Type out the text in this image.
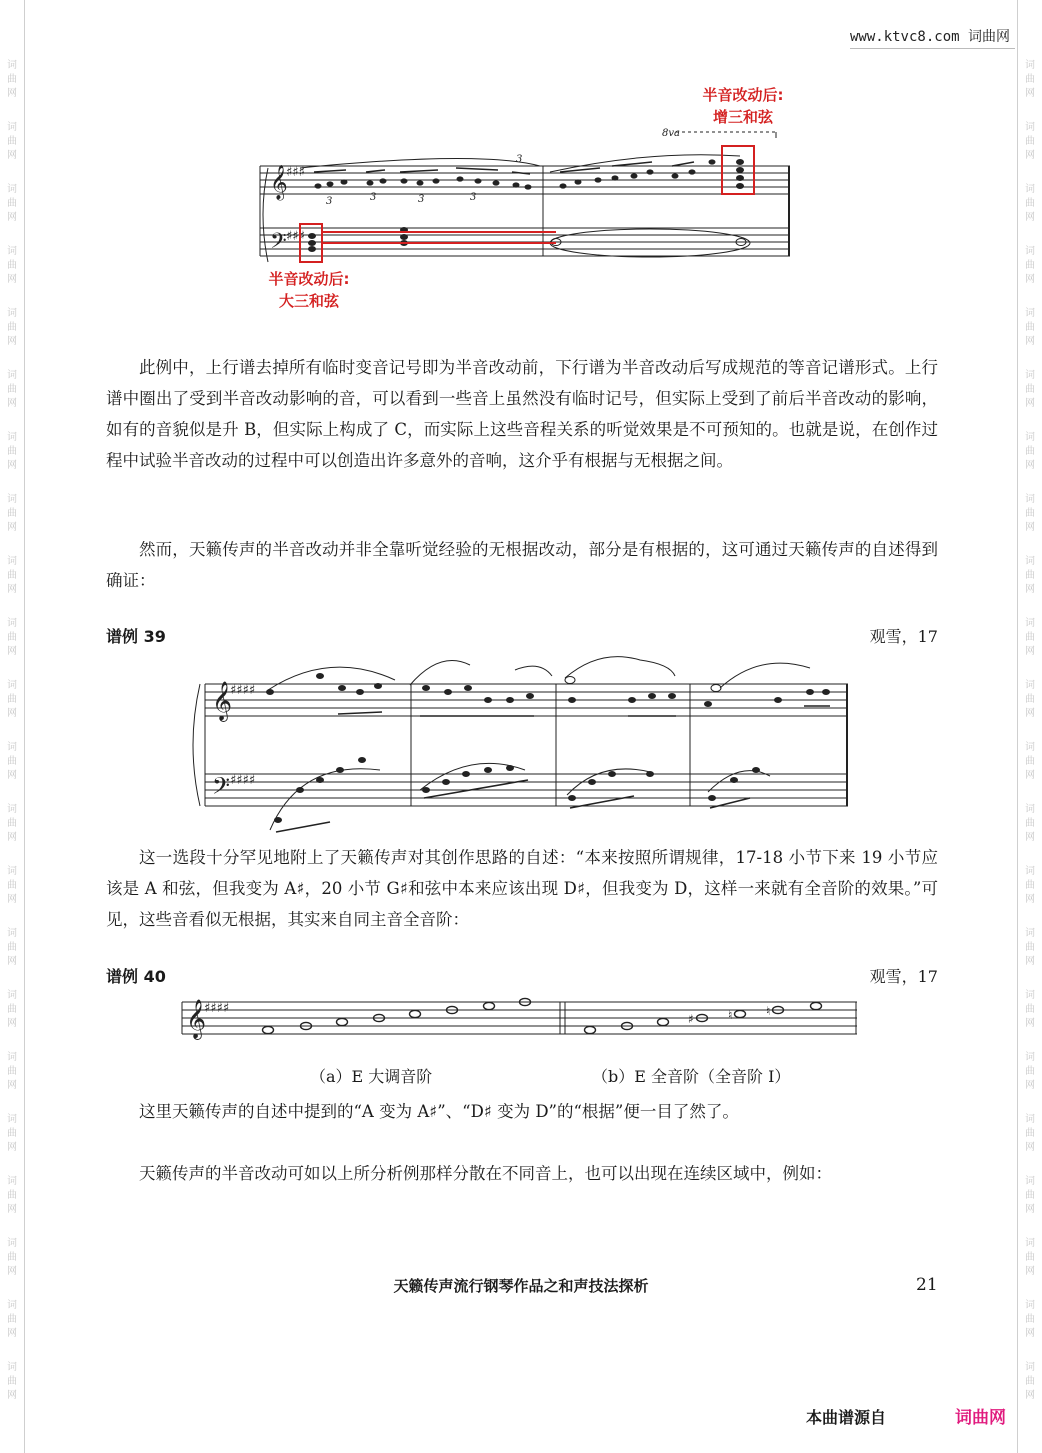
词
曲
网
词
曲
网
词
曲
网
词
曲
网
词
曲
网
词
曲
网
词
曲
网
词
曲
网
词
曲
网
词
曲
网
词
曲
网
词
曲
网
词
曲
网
词
曲
网
词
曲
网
词
曲
网
词
曲
网
词
曲
网
词
曲
网
词
曲
网
词
曲
网
词
曲
网
词
曲
网
词
曲
网
词
曲
网
词
曲
网
词
曲
网
词
曲
网
词
曲
网
词
曲
网
词
曲
网
词
曲
网
词
曲
网
词
曲
网
词
曲
网
词
曲
网
词
曲
网
词
曲
网
词
曲
网
词
曲
网
词
曲
网
词
曲
网
词
曲
网
词
曲
网
www.ktvc8.com 词曲网
半音改动后:
增三和弦
半音改动后:
大三和弦
𝄞
𝄢
♯♯♯
♯♯♯
8va
3	3	3	3
3
𝄞
𝄢
♯♯♯♯
♯♯♯♯
𝄞
♯♯♯♯
♯	♮	♮

此例中，上行谱去掉所有临时变音记号即为半音改动前，下行谱为半音改动后写成规范的等音记谱形式。上行谱中圈出了受到半音改动影响的音，可以看到一些音上虽然没有临时记号，但实际上受到了前后半音改动的影响，如有的音貌似是升 B，但实际上构成了 C，而实际上这些音程关系的听觉效果是不可预知的。也就是说，在创作过程中试验半音改动的过程中可以创造出许多意外的音响，这介乎有根据与无根据之间。

然而，天籁传声的半音改动并非全靠听觉经验的无根据改动，部分是有根据的，这可通过天籁传声的自述得到确证：

谱例 39	观雪，17

这一选段十分罕见地附上了天籁传声对其创作思路的自述：“本来按照所谓规律，17-18 小节下来 19 小节应该是 A 和弦，但我变为 A♯，20 小节 G♯和弦中本来应该出现 D♯，但我变为 D，这样一来就有全音阶的效果。”可见，这些音看似无根据，其实来自同主音全音阶：

谱例 40	观雪，17
（a）E 大调音阶	（b）E 全音阶（全音阶 Ⅰ）

这里天籁传声的自述中提到的“A 变为 A♯”、“D♯ 变为 D”的“根据”便一目了然了。

天籁传声的半音改动可如以上所分析例那样分散在不同音上，也可以出现在连续区域中，例如：

天籁传声流行钢琴作品之和声技法探析	21
本曲谱源自	词曲网
